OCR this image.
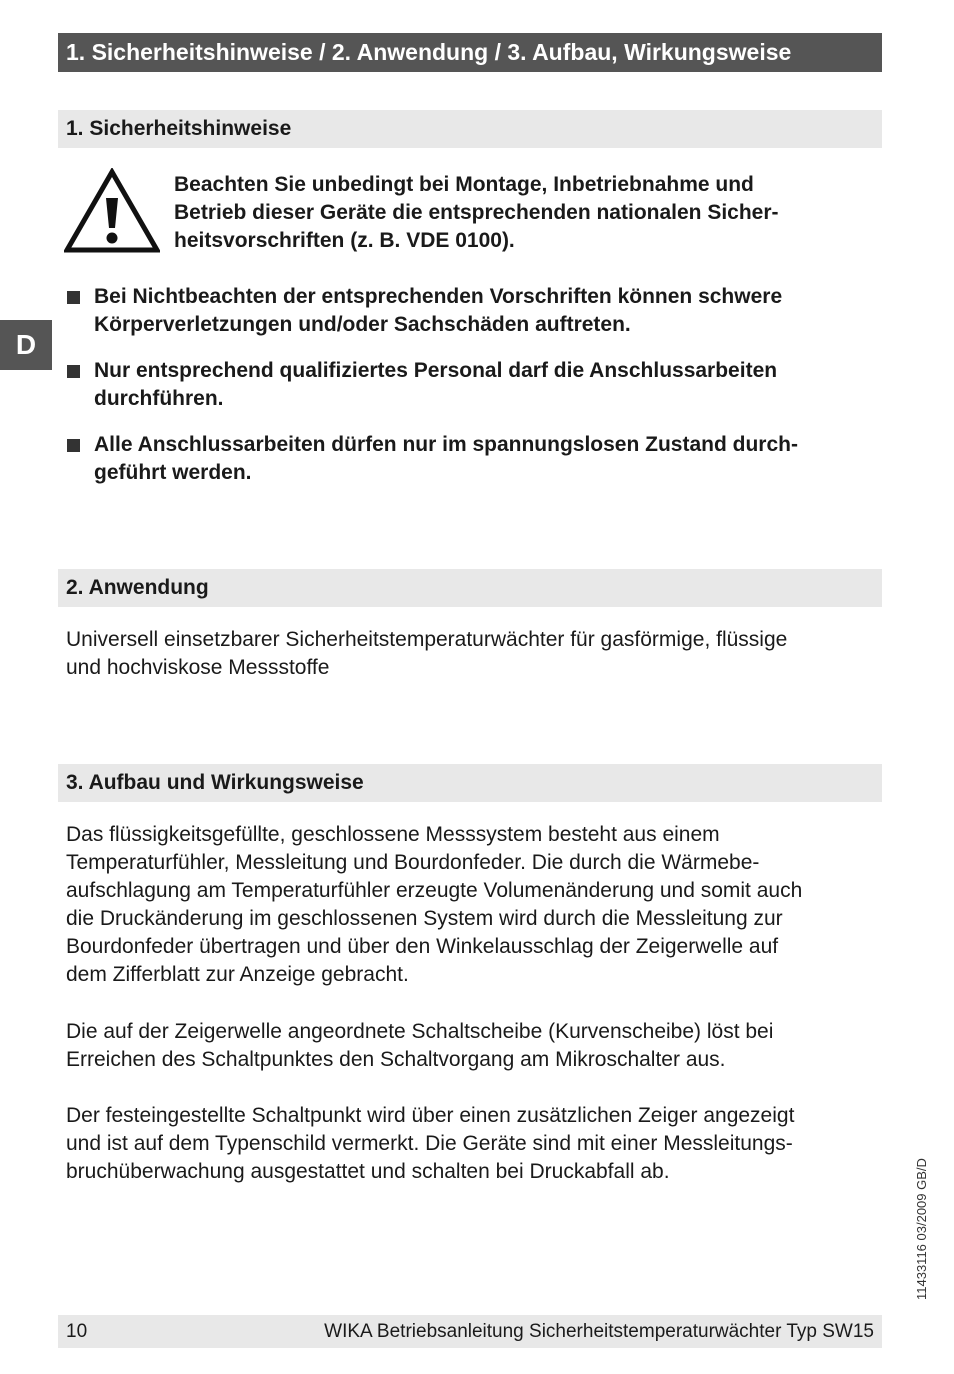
1. Sicherheitshinweise / 2. Anwendung / 3. Aufbau, Wirkungsweise
1. Sicherheitshinweise

Beachten Sie unbedingt bei Montage, Inbetriebnahme und
Betrieb dieser Geräte die entsprechenden nationalen Sicher-
heitsvorschriften (z. B. VDE 0100).

Bei Nichtbeachten der entsprechenden Vorschriften können schwere
Körperverletzungen und/oder Sachschäden auftreten.
Nur entsprechend qualifiziertes Personal darf die Anschlussarbeiten
durchführen.
Alle Anschlussarbeiten dürfen nur im spannungslosen Zustand durch-
geführt werden.
D
2. Anwendung

Universell einsetzbarer Sicherheitstemperaturwächter für gasförmige, flüssige
und hochviskose Messstoffe

3. Aufbau und Wirkungsweise

Das flüssigkeitsgefüllte, geschlossene Messsystem besteht aus einem
Temperaturfühler, Messleitung und Bourdonfeder. Die durch die Wärmebe-
aufschlagung am Temperaturfühler erzeugte Volumenänderung und somit auch
die Druckänderung im geschlossenen System wird durch die Messleitung zur
Bourdonfeder übertragen und über den Winkelausschlag der Zeigerwelle auf
dem Zifferblatt zur Anzeige gebracht.

Die auf der Zeigerwelle angeordnete Schaltscheibe (Kurvenscheibe) löst bei
Erreichen des Schaltpunktes den Schaltvorgang am Mikroschalter aus.

Der festeingestellte Schaltpunkt wird über einen zusätzlichen Zeiger angezeigt
und ist auf dem Typenschild vermerkt. Die Geräte sind mit einer Messleitungs-
bruchüberwachung ausgestattet und schalten bei Druckabfall ab.	11433116 03/2009 GB/D
10	WIKA Betriebsanleitung Sicherheitstemperaturwächter Typ SW15
